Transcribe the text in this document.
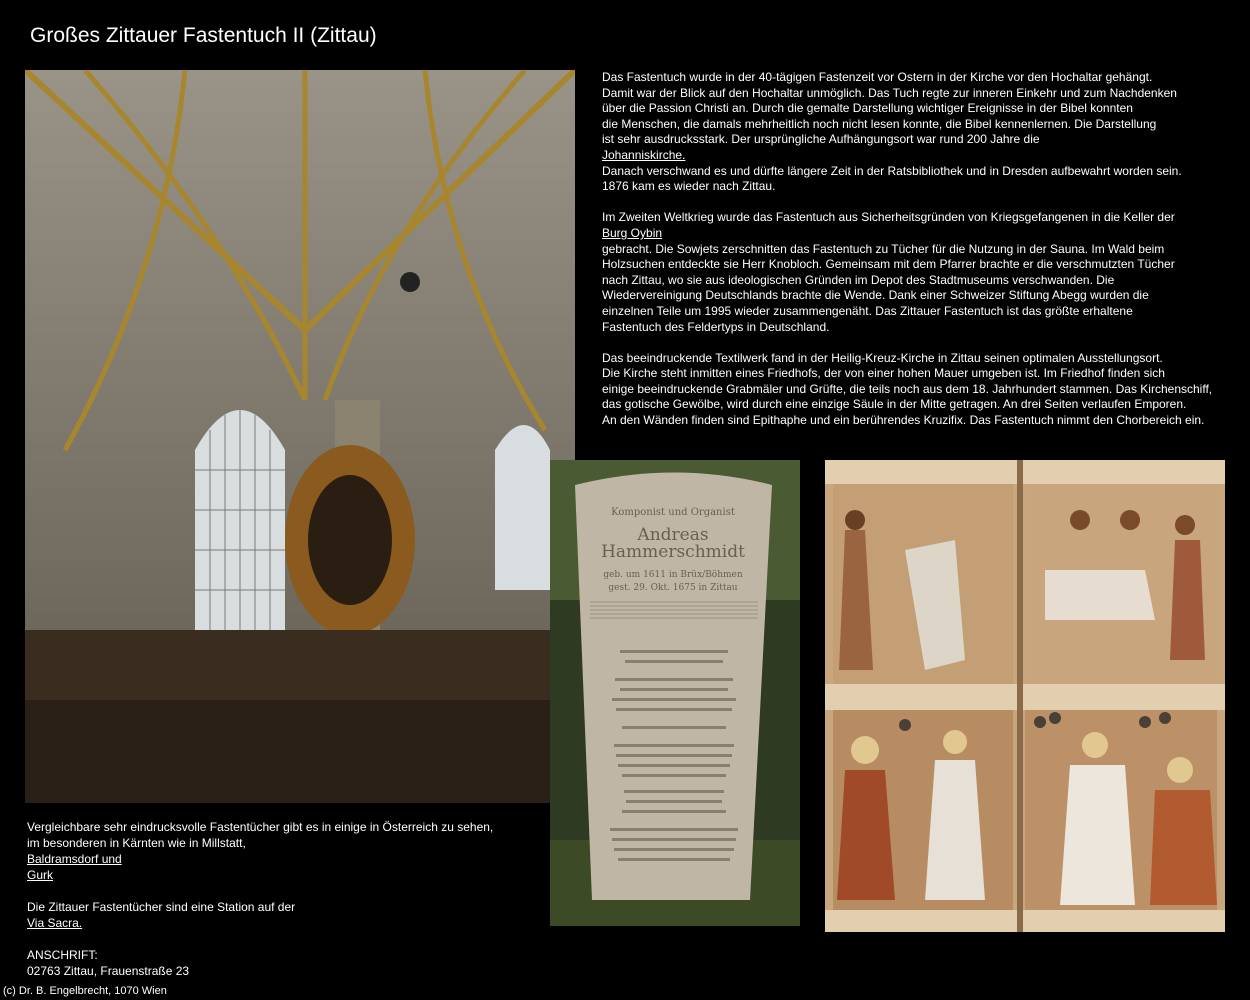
Großes Zittauer Fastentuch II (Zittau)

Das Fastentuch wurde in der 40-tägigen Fastenzeit vor Ostern in der Kirche vor den Hochaltar gehängt.
Damit war der Blick auf den Hochaltar unmöglich. Das Tuch regte zur inneren Einkehr und zum Nachdenken
über die Passion Christi an. Durch die gemalte Darstellung wichtiger Ereignisse in der Bibel konnten
die Menschen, die damals mehrheitlich noch nicht lesen konnte, die Bibel kennenlernen. Die Darstellung
ist sehr ausdrucksstark. Der ursprüngliche Aufhängungsort war rund 200 Jahre die
Johanniskirche.
Danach verschwand es und dürfte längere Zeit in der Ratsbibliothek und in Dresden aufbewahrt worden sein.
1876 kam es wieder nach Zittau.

Im Zweiten Weltkrieg wurde das Fastentuch aus Sicherheitsgründen von Kriegsgefangenen in die Keller der
Burg Oybin
gebracht. Die Sowjets zerschnitten das Fastentuch zu Tücher für die Nutzung in der Sauna. Im Wald beim
Holzsuchen entdeckte sie Herr Knobloch. Gemeinsam mit dem Pfarrer brachte er die verschmutzten Tücher
nach Zittau, wo sie aus ideologischen Gründen im Depot des Stadtmuseums verschwanden. Die
Wiedervereinigung Deutschlands brachte die Wende. Dank einer Schweizer Stiftung Abegg wurden die
einzelnen Teile um 1995 wieder zusammengenäht. Das Zittauer Fastentuch ist das größte erhaltene
Fastentuch des Feldertyps in Deutschland.

Das beeindruckende Textilwerk fand in der Heilig-Kreuz-Kirche in Zittau seinen optimalen Ausstellungsort.
Die Kirche steht inmitten eines Friedhofs, der von einer hohen Mauer umgeben ist. Im Friedhof finden sich
einige beeindruckende Grabmäler und Grüfte, die teils noch aus dem 18. Jahrhundert stammen. Das Kirchenschiff,
das gotische Gewölbe, wird durch eine einzige Säule in der Mitte getragen. An drei Seiten verlaufen Emporen.
An den Wänden finden sind Epithaphe und ein berührendes Kruzifix. Das Fastentuch nimmt den Chorbereich ein.

Komponist und Organist
Andreas
Hammerschmidt
geb. um 1611 in Brüx/Böhmen
gest. 29. Okt. 1675 in Zittau

Vergleichbare sehr eindrucksvolle Fastentücher gibt es in einige in Österreich zu sehen,
im besonderen in Kärnten wie in Millstatt,
Baldramsdorf und
Gurk

Die Zittauer Fastentücher sind eine Station auf der
Via Sacra.

ANSCHRIFT:
02763 Zittau, Frauenstraße 23

(c) Dr. B. Engelbrecht, 1070 Wien
